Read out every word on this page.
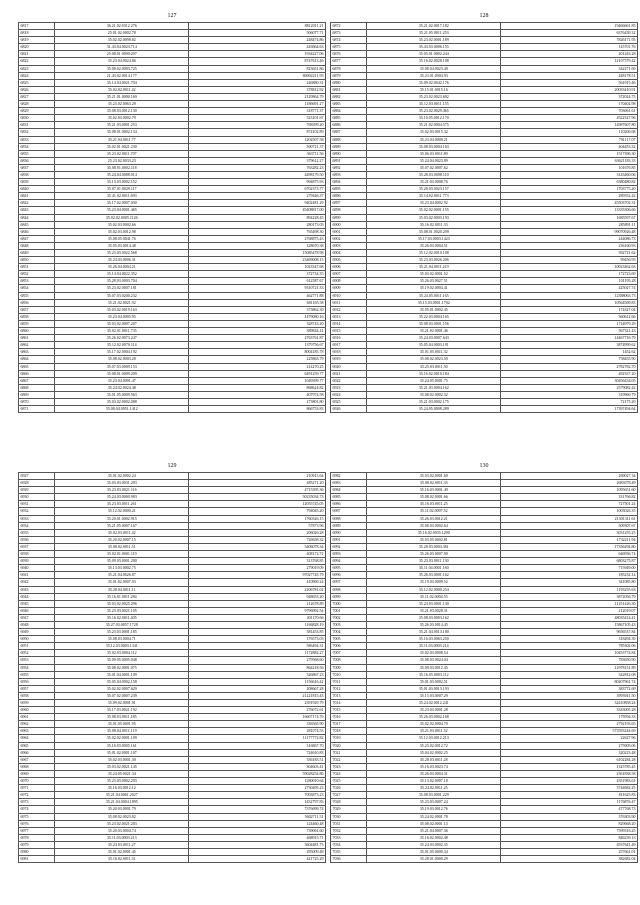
127
6817	36.21.02.9312.276	8812011.21
6818	25.01.02.0002.78	506077.71
6819	35.02.02.0098.82	248474.86
6820	31.43.04.0023.714	443664.63
6821	25.08.01.0090.207	1934227.06
6822	35.23.04.0024.86	8747613.46
6823	35.08.02.0093.725	823651.86
6824	21.43.02.0014.177	80002211.93
6825	35.14.04.0021.704	246880.31
6826	35.02.02.0011.42	378812.92
6827	35.21.01.0000.169	2129864.79
6828	35.23.02.0063.29	1186691.27
6829	35.08.03.0012.130	318771.37
6830	35.02.03.0002.79	523101.67
6831	35.21.03.0001.253	768399.20
6832	35.08.01.0002.134	874102.89
6833	35.21.04.0011.77	1202507.58
6834	35.02.01.0021.230	590721.37
6835	35.23.02.0011.707	363711.56
6836	25.23.02.0033.23	379612.27
6837	35.08.01.0002.118	763282.23
6838	35.24.04.0088.014	4498179.50
6839	35.13.03.0002.152	994875.93
6840	35.07.01.0029.117	6702373.77
6841	35.41.02.0011.693	279446.37
6842	35.17.02.0007.030	9402481.29
6843	35.23.04.0001.465	45408817.00
6844	35.02.02.0005.1126	894228.45
6845	35.02.03.0002.66	280173.05
6846	35.02.03.0012.98	765498.30
6847	35.08.05.0041.76	2768875.43
6848	35.05.03.0014.48	128670.38
6849	35.23.03.0022.568	15085478.98
6850	35.24.03.0006.31	23469008.15
6851	35.26.04.0004.21	1023347.68
6852	35.14.04.0022.352	372734.35
6853	35.28.03.0003.704	612587.67
6854	35.23.02.0007.181	9310721.33
6855	35.07.03.0200.232	462771.88
6856	35.21.02.0021.92	681165.58
6857	35.03.02.0019.163	373862.39
6858	35.23.04.0005.95	1479080.16
6859	35.03.02.0007.207	328743.20
6860	35.02.01.0011.735	389844.41
6861	35.26.02.0073.247	2763761.87
6862	35.12.02.0070.114	1379756.67
6863	35.17.02.0004.192	8004185.78
6864	35.08.02.0003.28	225863.79
6865	35.07.03.0009.153	214270.25
6866	35.08.01.0009.209	6491259.77
6867	35.23.04.0001.47	1049399.77
6868	35.24.02.0024.48	868624.82
6869	35.01.05.0009.563	407974.58
6870	35.03.02.0002.088	273801.80
6871	35.08.04.0051.1412	866753.83
128
6872	35.21.02.0017.182	19466661.85
6873	35.21.05.0011.253	6376439.32
6874	35.23.02.0001.189	7826171.95
6875	35.43.03.0006.155	145701.76
6876	35.05.01.0002.244	201243.28
6877	35.16.02.0028.108	12107579.42
6878	35.08.04.0023.49	342271.69
6879	35.23.01.0004.93	448178.51
6880	35.09.02.0042.176	561915.46
6881	35.15.01.0015.16	20033410.91
6882	35.23.02.0023.692	372024.75
6883	35.12.03.0011.155	170402.98
6884	35.23.02.0029.465	703061.61
6885	35.10.05.0012.170	4522327.96
6886	35.21.02.0004.575	14987607.80
6887	35.02.03.0015.32	110206.68
6888	35.23.04.0009.21	791117.07
6889	35.08.03.0004.163	404453.32
6890	35.06.03.0011.89	1517396.30
6891	35.24.04.0023.89	63621183.33
6892	35.07.02.0007.62	101676.85
6893	35.28.03.0008.110	3143460.06
6894	35.21.03.0008.76	6380480.82
6895	35.28.03.0023.157	1703775.20
6896	35.14.02.0011.773	289352.42
6897	35.23.04.0002.92	45503702.31
6898	35.02.02.0001.155	13335306.66
6899	35.03.02.0003.193	1685597.67
6900	35.16.02.0011.33	285891.11
6901	35.08.01.0020.209	99070926.48
6902	35.17.03.0003.1423	244086.73
6903	35.26.03.0004.51	236160.93
6904	35.12.02.0010.108	392721.62
6905	35.23.03.0026.206	99456.93
6906	35.21.04.0011.219	10023462.63
6907	35.03.02.0001.52	172723.69
6908	35.26.03.0027.51	101195.28
6909	35.19.02.0004.41	425027.74
6910	35.24.05.0011.165	12388063.73
6911	35.15.03.0001.1702	10564569.83
6912	35.05.01.0002.45	174327.04
6913	35.22.03.0004.165	360612.66
6914	35.08.03.0001.156	1724979.29
6915	35.21.02.0001.46	567321.43
6916	35.24.03.0007.643	14467716.79
6917	35.05.04.0003.191	3874999.62
6918	35.01.05.0011.32	1452.62
6919	35.08.02.0023.50	758455.90
6920	35.25.03.0011.50	2782782.70
6921	35.16.02.0010.184	492337.20
6922	35.24.05.0001.75	30456434.05
6923	35.21.03.0004.162	2579082.42
6924	35.08.02.0002.32	319969.79
6925	35.21.03.0002.175	72175.20
6926	35.24.05.0008.289	17397494.64
129
6927	35.01.02.0002.24	210915.64
6928	35.03.03.0031.203	485271.20
6929	35.23.03.0021.116	4715395.36
6930	35.24.03.0000.983	50235034.73
6931	35.23.03.0011.261	12055745.05
6932	35.12.02.0000.21	794045.20
6933	35.20.01.0002.915	1760326.15
6934	35.21.05.0007.167	57873.96
6935	35.02.03.0011.42	206026.28
6936	35.20.02.0007.15	726658.32
6937	35.08.02.0011.51	5406078.34
6938	35.02.01.0001.119	408172.72
6939	35.09.03.0001.200	313768.85
6940	35.13.03.0002.75	279019.09
6941	35.21.04.0026.87	97027745.79
6942	35.01.02.0007.93	410969.24
6943	35.28.04.0011.11	2206781.02
6944	35.16.01.0011.284	948653.20
6945	35.03.02.0025.296	212678.89
6946	35.23.03.0021.105	9796992.54
6947	35.16.02.0011.405	401170.66
6948	35.27.03.0057.1728	1166828.19
6949	35.23.03.0001.185	581453.85
6950	35.08.03.0004.71	176573.03
6951	35.12.03.0003.1341	586494.31
6952	35.02.03.0004.112	1172882.27
6953	35.09.05.0005.048	279568.60
6954	35.08.02.0001.075	864218.56
6955	35.01.04.0001.109	326867.23
6956	35.05.04.0002.158	1156616.42
6957	35.02.02.0007.629	208667.28
6958	35.07.02.0007.239	21221815.43
6959	35.09.02.0001.91	2391929.79
6960	35.17.03.0021.192	276072.61
6961	35.08.03.0011.185	16607174.76
6962	35.01.05.0001.95	336565.90
6963	35.08.04.0011.119	281074.53
6964	35.02.02.0001.109	11177772.82
6965	35.16.03.0005.161	316867.70
6966	35.01.02.0001.107	724610.83
6967	35.02.03.0001.30	336183.51
6968	35.03.02.0021.145	304603.41
6969	35.24.05.0021.34	59028254.86
6970	35.23.03.0002.203	1280010.64
6971	35.16.03.0012.12	2730495.23
6972	35.21.04.0061.2027	7003873.23
6973	35.21.04.0004.1895	1432797.83
6974	35.20.03.0001.79	7376699.74
6975	35.08.02.0023.82	5602711.51
6976	35.23.02.0021.203	124460.48
6977	35.20.03.0004.74	739061.60
6978	35.11.03.0003.213	468915.71
6979	35.23.03.0011.27	3604481.75
6980	35.01.02.0001.45	295009.48
6981	35.16.02.0011.31	421725.29
130
6982	35.03.02.0001.69	269027.34
6983	35.08.02.0011.33	2683978.49
6984	35.16.03.0001.49	1095651.60
6985	35.08.02.0001.66	331766.82
6986	35.16.03.0011.25	727501.24
6987	35.11.02.0007.52	1003026.35
6988	35.26.03.0012.21	21301311.61
6989	35.08.03.0002.64	509307.67
6990	35.16.02.0035.1290	3031255.25
6991	35.03.05.0002.81	1732211.94
6992	35.28.03.0004.361	17356294.80
6993	35.26.03.0007.90	646936.74
6994	35.23.03.0011.130	6803275.87
6995	35.11.04.0001.160	715949.00
6996	35.26.03.0001.162	185232.14
6997	35.19.03.0009.52	341085.80
6998	35.12.02.0000.254	1193255.63
6999	35.11.02.0004.55	3872056.79
7000	35.24.03.0001.130	11251426.30
7001	35.21.03.0028.31	212019.07
7002	35.08.03.0003.162	48035414.41
7003	35.26.03.0014.45	15867105.43
7004	35.21.04.0013.180	9656537.84
7005	35.16.03.0063.250	318494.39
7006	35.11.03.0003.214	785302.06
7007	35.02.03.0008.54	10453774.84
7008	35.08.03.0024.04	783650.90
7009	35.09.03.0012.45	12978151.89
7010	35.16.05.0003.112	342812.08
7011	35.01.03.0002.51	80207961.74
7012	35.01.03.0013.193	383772.69
7013	35.15.03.0007.29	3993941.50
7014	35.24.02.0012.241	32410858.24
7015	35.23.03.0001.28	3343005.28
7016	35.26.03.0002.168	179594.33
7017	35.02.02.0004.70	2792193.65
7018	35.21.03.0011.52	573593244.69
7019	35.12.03.0012.213	22627.96
7020	35.23.02.0012.72	275905.06
7021	35.04.02.0002.25	320223.48
7022	35.28.03.0011.28	6102284.28
7023	35.16.03.0023.74	1325785.45
7024	35.26.03.0004.31	2361838.58
7025	35.13.02.0007.18	4351983.61
7026	35.24.02.0011.25	3744682.25
7027	35.08.03.0001.229	811625.83
7028	35.23.03.0007.24	1176876.47
7029	35.19.03.0012.76	477768.73
7030	35.24.02.0001.78	376303.90
7031	35.08.02.0001.13	829668.20
7032	35.21.04.0007.36	7599316.25
7033	35.16.02.0002.48	846239.13
7034	35.24.03.0002.35	4937641.49
7035	35.01.05.0000.34	257661.01
7036	35.28.01.0000.29	382682.04
